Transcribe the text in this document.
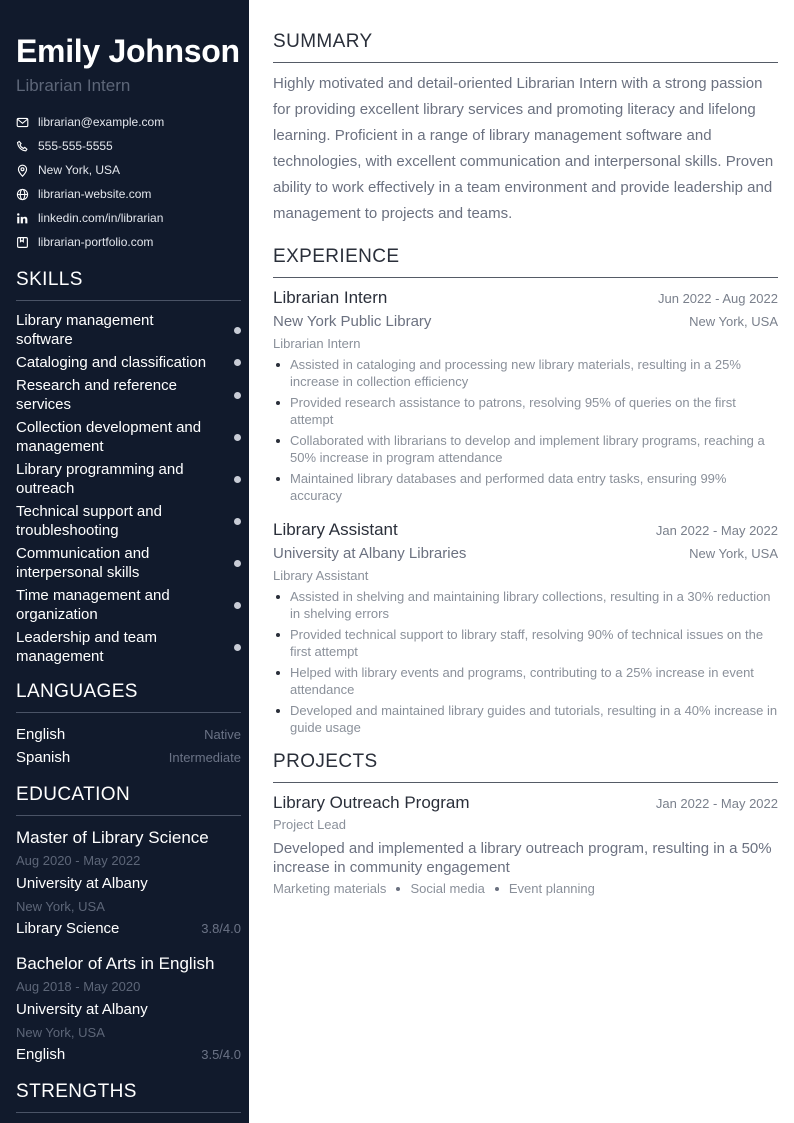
Emily Johnson
Librarian Intern
librarian@example.com
555-555-5555
New York, USA
librarian-website.com
linkedin.com/in/librarian
librarian-portfolio.com
SKILLS
Library management software
Cataloging and classification
Research and reference services
Collection development and management
Library programming and outreach
Technical support and troubleshooting
Communication and interpersonal skills
Time management and organization
Leadership and team management
LANGUAGES
English	Native
Spanish	Intermediate
EDUCATION
Master of Library Science
Aug 2020 - May 2022
University at Albany
New York, USA
Library Science	3.8/4.0
Bachelor of Arts in English
Aug 2018 - May 2020
University at Albany
New York, USA
English	3.5/4.0
STRENGTHS
SUMMARY

Highly motivated and detail-oriented Librarian Intern with a strong passion for providing excellent library services and promoting literacy and lifelong learning. Proficient in a range of library management software and technologies, with excellent communication and interpersonal skills. Proven ability to work effectively in a team environment and provide leadership and management to projects and teams.

EXPERIENCE
Librarian Intern	Jun 2022 - Aug 2022
New York Public Library	New York, USA
Librarian Intern
Assisted in cataloging and processing new library materials, resulting in a 25% increase in collection efficiency
Provided research assistance to patrons, resolving 95% of queries on the first attempt
Collaborated with librarians to develop and implement library programs, reaching a 50% increase in program attendance
Maintained library databases and performed data entry tasks, ensuring 99% accuracy
Library Assistant	Jan 2022 - May 2022
University at Albany Libraries	New York, USA
Library Assistant
Assisted in shelving and maintaining library collections, resulting in a 30% reduction in shelving errors
Provided technical support to library staff, resolving 90% of technical issues on the first attempt
Helped with library events and programs, contributing to a 25% increase in event attendance
Developed and maintained library guides and tutorials, resulting in a 40% increase in guide usage
PROJECTS
Library Outreach Program	Jan 2022 - May 2022
Project Lead
Developed and implemented a library outreach program, resulting in a 50% increase in community engagement
Marketing materials Social media Event planning
